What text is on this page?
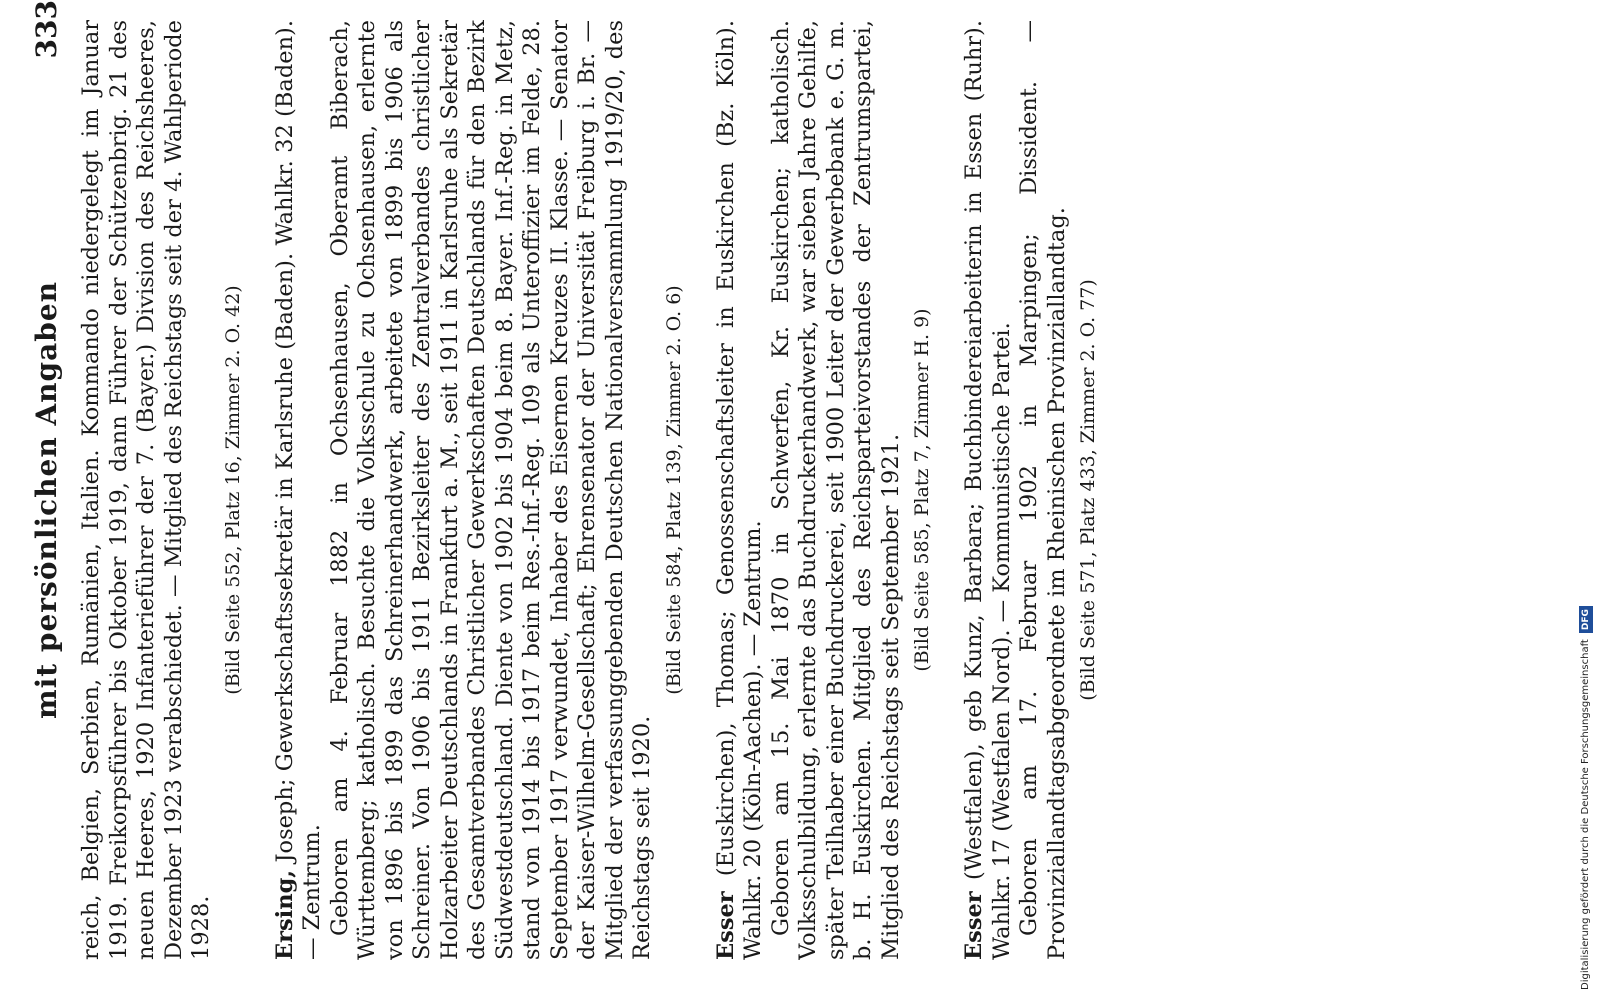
mit persönlichen Angaben
333 reich, Belgien, Serbien, Rumänien, Italien. Kommando niedergelegt im Januar 1919. Freikorpsführer bis Oktober 1919, dann Führer der Schützenbrig. 21 des neuen Heeres, 1920 Infanterieführer der 7. (Bayer.) Division des Reichsheeres, Dezember 1923 verabschiedet. — Mitglied des Reichstags seit der 4. Wahlperiode 1928.

(Bild Seite 552, Platz 16, Zimmer 2. O. 42)

Ersing, Joseph; Gewerkschaftssekretär in Karlsruhe (Baden). Wahlkr. 32 (Baden). — Zentrum. Geboren am 4. Februar 1882 in Ochsenhausen, Oberamt Biberach, Württemberg; katholisch. Besuchte die Volksschule zu Ochsenhausen, erlernte von 1896 bis 1899 das Schreinerhandwerk, arbeitete von 1899 bis 1906 als Schreiner. Von 1906 bis 1911 Bezirksleiter des Zentralverbandes christlicher Holzarbeiter Deutschlands in Frankfurt a. M., seit 1911 in Karlsruhe als Sekretär des Gesamtverbandes Christlicher Gewerkschaften Deutschlands für den Bezirk Südwestdeutschland. Diente von 1902 bis 1904 beim 8. Bayer. Inf.-Reg. in Metz, stand von 1914 bis 1917 beim Res.-Inf.-Reg. 109 als Unteroffizier im Felde, 28. September 1917 verwundet, Inhaber des Eisernen Kreuzes II. Klasse. — Senator der Kaiser-Wilhelm-Gesellschaft; Ehrensenator der Universität Freiburg i. Br. — Mitglied der verfassunggebenden Deutschen Nationalversammlung 1919/20, des Reichstags seit 1920.

(Bild Seite 584, Platz 139, Zimmer 2. O. 6)

Esser (Euskirchen), Thomas; Genossenschaftsleiter in Euskirchen (Bz. Köln). Wahlkr. 20 (Köln-Aachen). — Zentrum. Geboren am 15. Mai 1870 in Schwerfen, Kr. Euskirchen; katholisch. Volksschulbildung, erlernte das Buchdruckerhandwerk, war sieben Jahre Gehilfe, später Teilhaber einer Buchdruckerei, seit 1900 Leiter der Gewerbebank e. G. m. b. H. Euskirchen. Mitglied des Reichsparteivorstandes der Zentrumspartei, Mitglied des Reichstags seit September 1921. (Bild Seite 585, Platz 7, Zimmer H. 9)

Esser (Westfalen), geb Kunz, Barbara; Buchbindereiarbeiterin in Essen (Ruhr). Wahlkr. 17 (Westfalen Nord). — Kommunistische Partei. Geboren am 17. Februar 1902 in Marpingen; Dissident. — Provinziallandtagsabgeordnete im Rheinischen Provinziallandtag. (Bild Seite 571, Platz 433, Zimmer 2. O. 77)
Digitalisierung gefördert durch die Deutsche ForschungsgemeinschaftDFG
